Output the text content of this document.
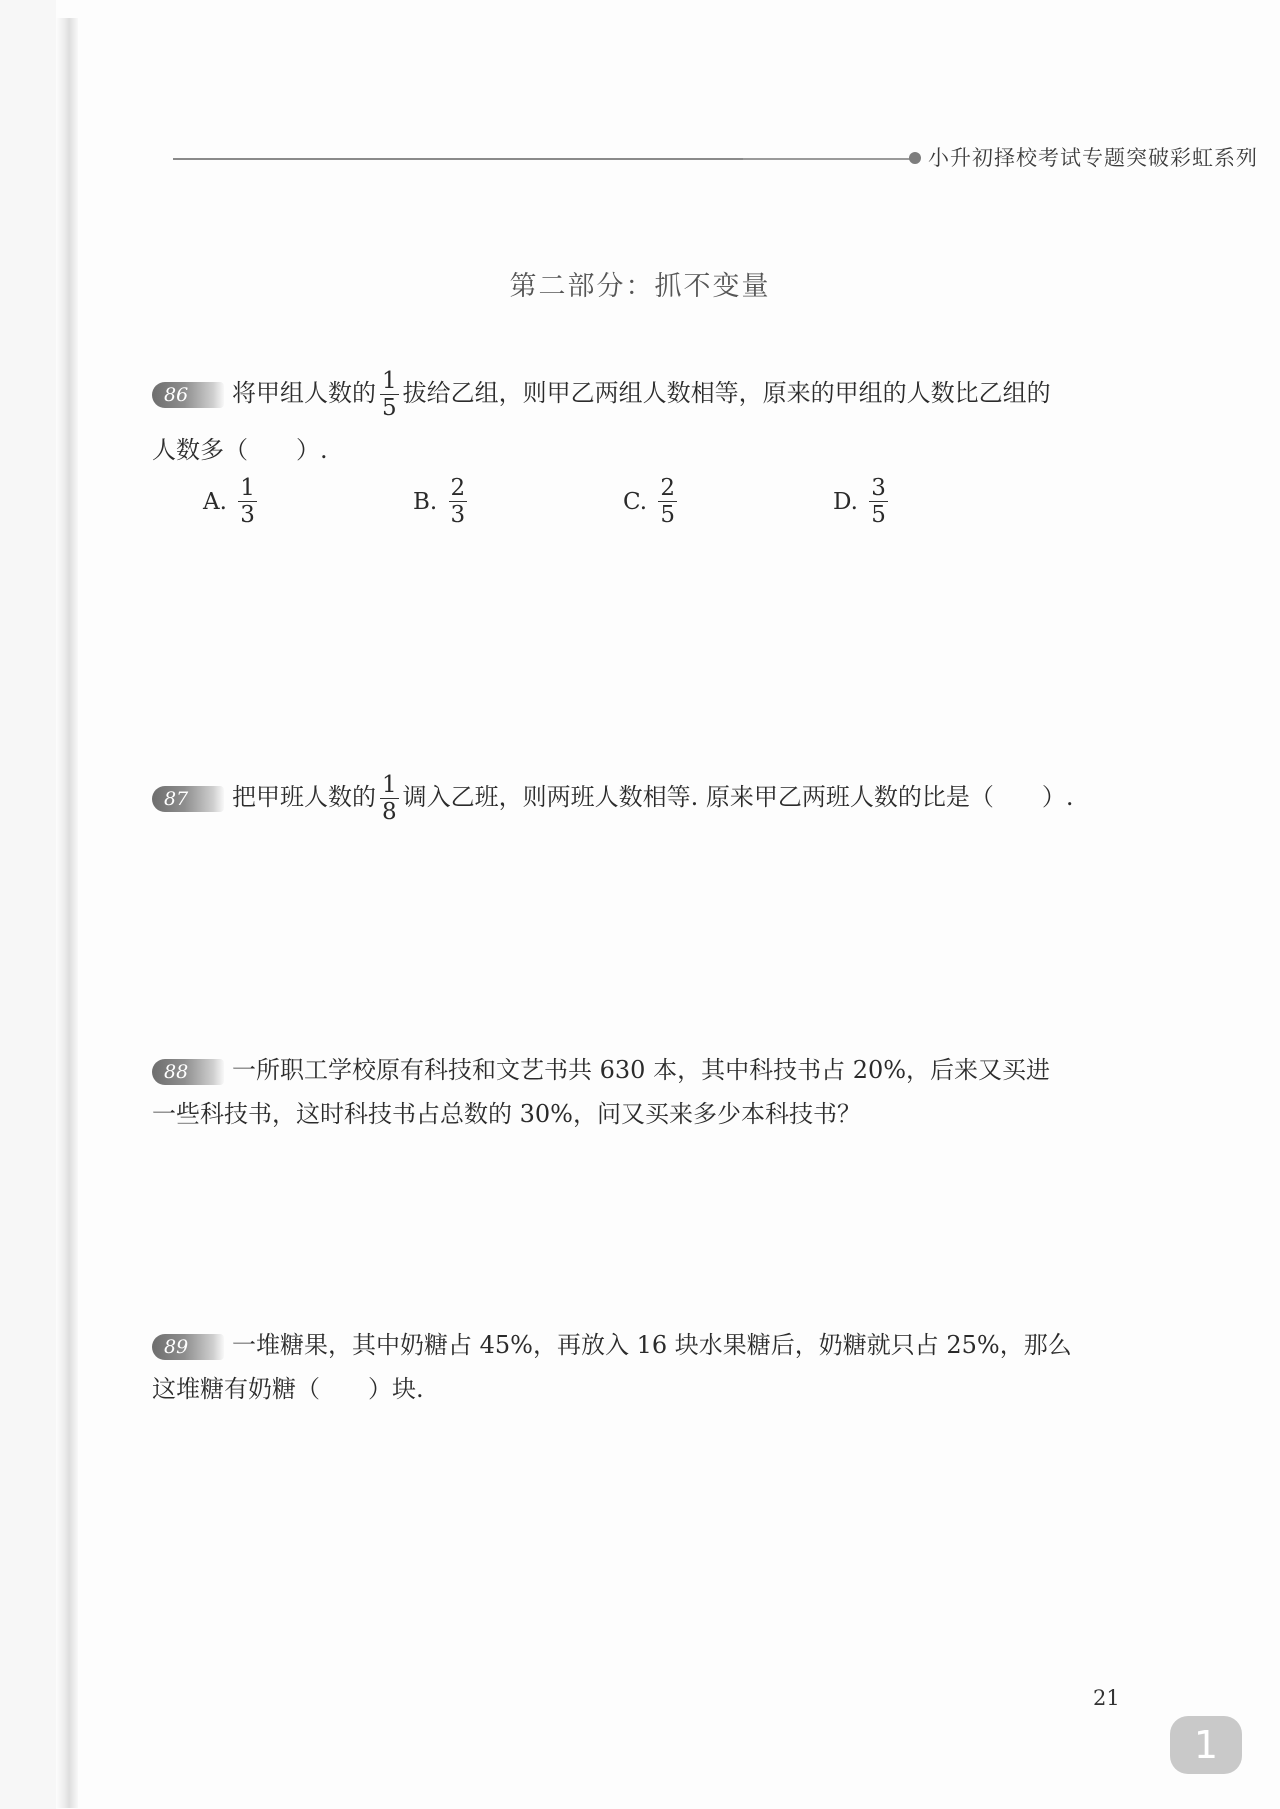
小升初择校考试专题突破彩虹系列
第二部分：抓不变量
86 将甲组人数的 $\frac{1}{5}$ 拔给乙组，则甲乙两组人数相等，原来的甲组的人数比乙组的
人数多（　　）.
A. $\frac{1}{3}$	B. $\frac{2}{3}$	C. $\frac{2}{5}$	D. $\frac{3}{5}$
87 把甲班人数的 $\frac{1}{8}$ 调入乙班，则两班人数相等. 原来甲乙两班人数的比是（　　）.
88 一所职工学校原有科技和文艺书共 630 本，其中科技书占 20%，后来又买进
一些科技书，这时科技书占总数的 30%，问又买来多少本科技书？
89 一堆糖果，其中奶糖占 45%，再放入 16 块水果糖后，奶糖就只占 25%，那么
这堆糖有奶糖（　　）块.
21
1
